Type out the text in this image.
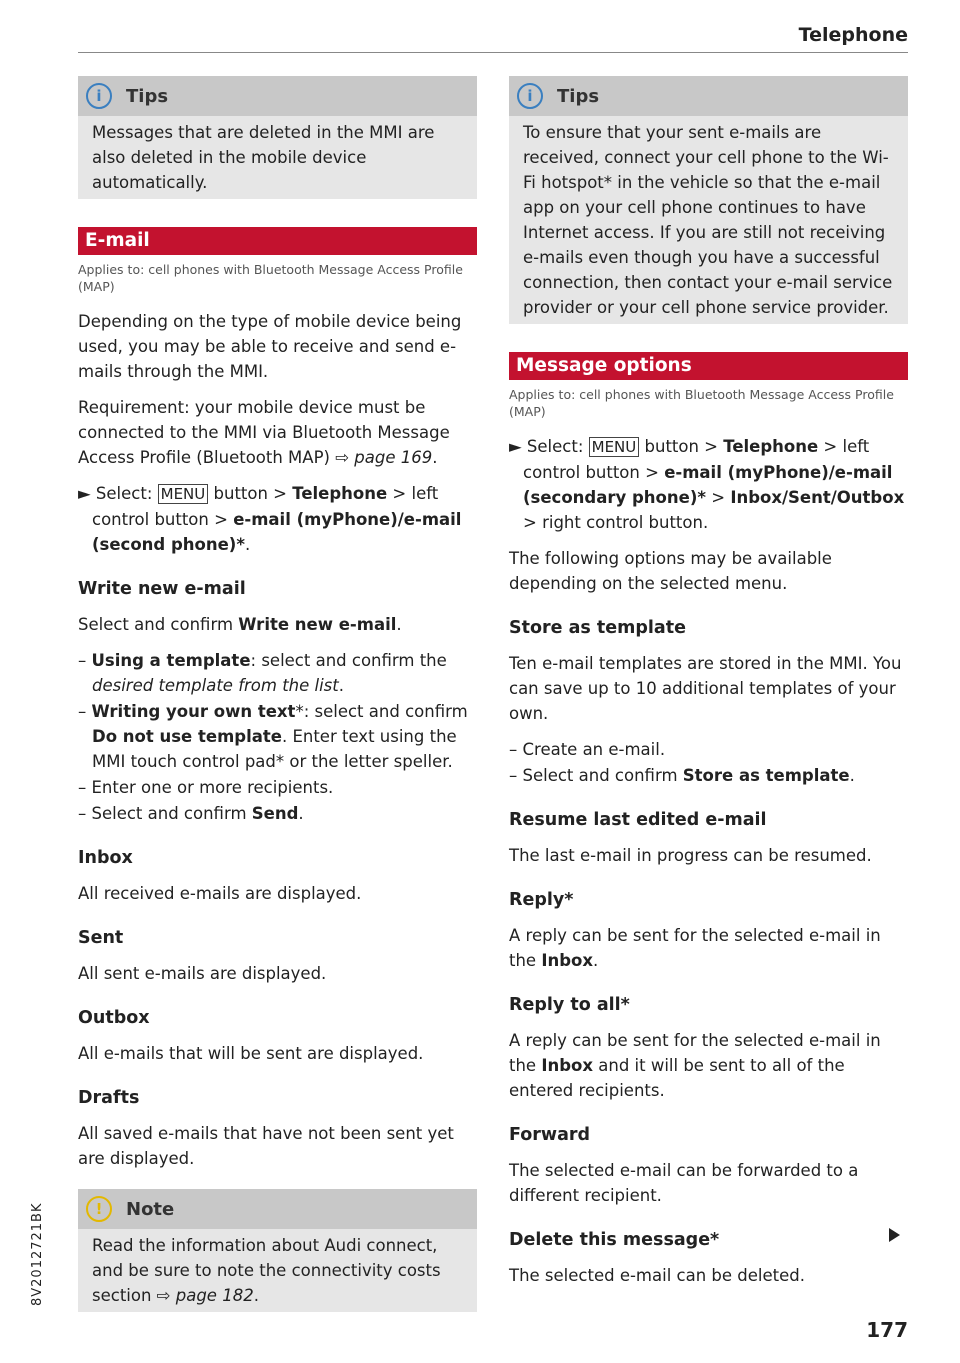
Telephone
i	Tips

Messages that are deleted in the MMI are also deleted in the mobile device automatically.

E-mail
Applies to: cell phones with Bluetooth Message Access Profile (MAP)

Depending on the type of mobile device being used, you may be able to receive and send e-mails through the MMI.

Requirement: your mobile device must be connected to the MMI via Bluetooth Message Access Profile (Bluetooth MAP) ⇨ page 169.

► Select: MENU button > Telephone > left control button > e-mail (myPhone)/e-mail (second phone)*.

Write new e-mail

Select and confirm Write new e-mail.

– Using a template: select and confirm the desired template from the list.
– Writing your own text*: select and confirm Do not use template. Enter text using the MMI touch control pad* or the letter speller.
– Enter one or more recipients.
– Select and confirm Send.
Inbox

All received e-mails are displayed.

Sent

All sent e-mails are displayed.

Outbox

All e-mails that will be sent are displayed.

Drafts

All saved e-mails that have not been sent yet are displayed.

!	Note

Read the information about Audi connect, and be sure to note the connectivity costs section ⇨ page 182.

i	Tips

To ensure that your sent e-mails are received, connect your cell phone to the Wi-Fi hotspot* in the vehicle so that the e-mail app on your cell phone continues to have Internet access. If you are still not receiving e-mails even though you have a successful connection, then contact your e-mail service provider or your cell phone service provider.

Message options
Applies to: cell phones with Bluetooth Message Access Profile (MAP)

► Select: MENU button > Telephone > left control button > e-mail (myPhone)/e-mail (secondary phone)* > Inbox/Sent/Outbox > right control button.

The following options may be available depending on the selected menu.

Store as template

Ten e-mail templates are stored in the MMI. You can save up to 10 additional templates of your own.

– Create an e-mail.
– Select and confirm Store as template.
Resume last edited e-mail

The last e-mail in progress can be resumed.

Reply*

A reply can be sent for the selected e-mail in the Inbox.

Reply to all*

A reply can be sent for the selected e-mail in the Inbox and it will be sent to all of the entered recipients.

Forward

The selected e-mail can be forwarded to a different recipient.

Delete this message*

The selected e-mail can be deleted.

8V2012721BK
177
